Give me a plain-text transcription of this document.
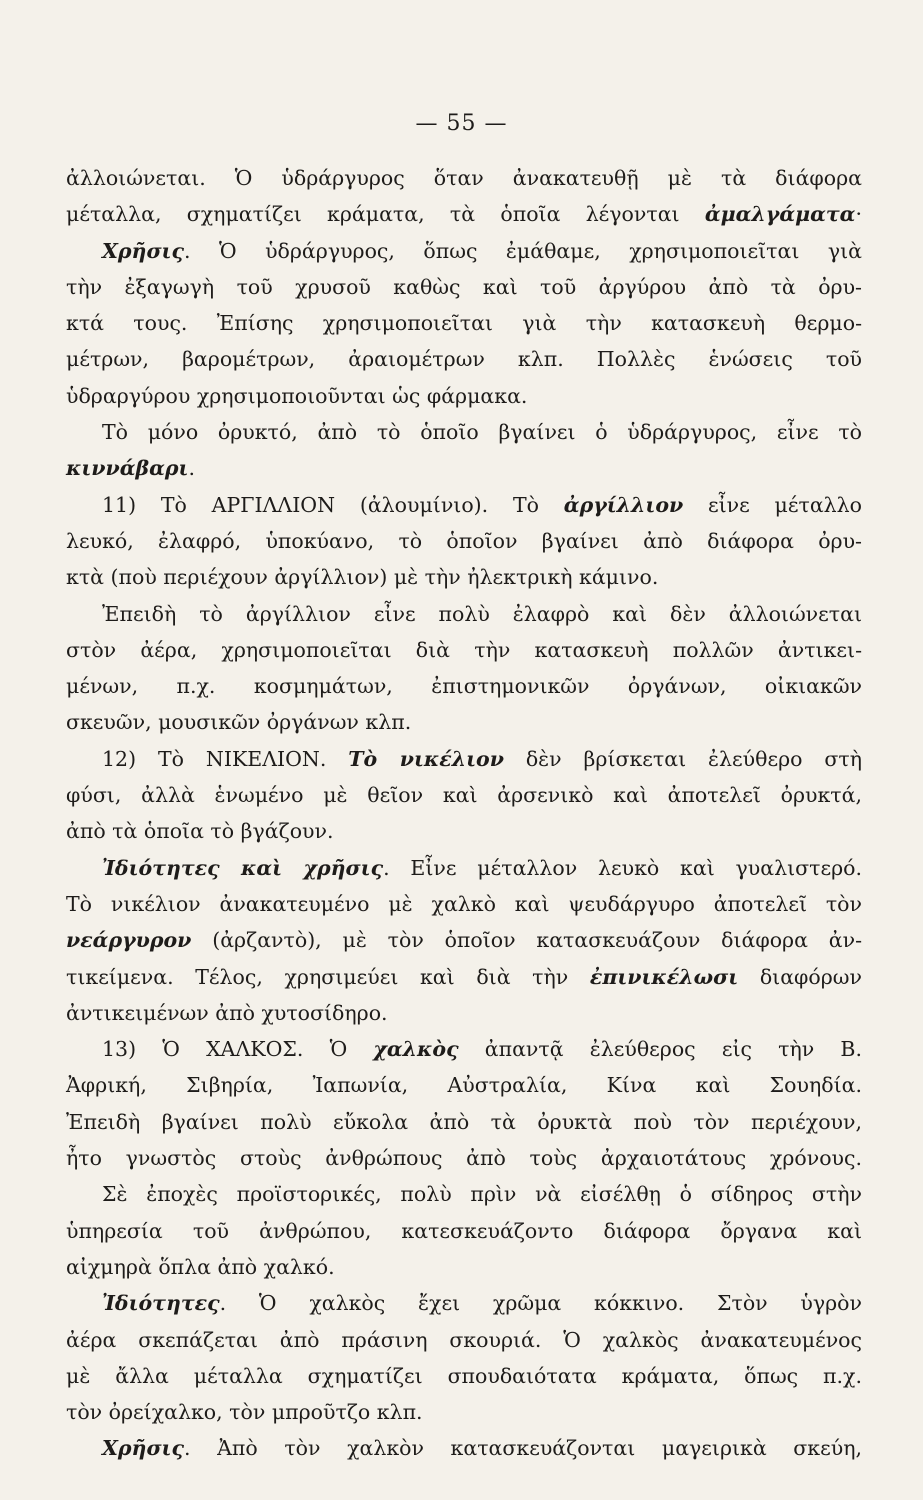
— 55 —
ἀλλοιώνεται. Ὁ ὑδράργυρος ὅταν ἀνακατευθῇ μὲ τὰ διάφορα
μέταλλα, σχηματίζει κράματα, τὰ ὁποῖα λέγονται ἀμαλγάματα·
Χρῆσις. Ὁ ὑδράργυρος, ὅπως ἐμάθαμε, χρησιμοποιεῖται γιὰ
τὴν ἐξαγωγὴ τοῦ χρυσοῦ καθὼς καὶ τοῦ ἀργύρου ἀπὸ τὰ ὀρυ-
κτά τους. Ἐπίσης χρησιμοποιεῖται γιὰ τὴν κατασκευὴ θερμο-
μέτρων, βαρομέτρων, ἀραιομέτρων κλπ. Πολλὲς ἑνώσεις τοῦ
ὑδραργύρου χρησιμοποιοῦνται ὡς φάρμακα.
Τὸ μόνο ὀρυκτό, ἀπὸ τὸ ὁποῖο βγαίνει ὁ ὑδράργυρος, εἶνε τὸ
κιννάβαρι.
11) Τὸ ΑΡΓΙΛΛΙΟΝ (ἀλουμίνιο). Τὸ ἀργίλλιον εἶνε μέταλλο
λευκό, ἐλαφρό, ὑποκύανο, τὸ ὁποῖον βγαίνει ἀπὸ διάφορα ὀρυ-
κτὰ (ποὺ περιέχουν ἀργίλλιον) μὲ τὴν ἠλεκτρικὴ κάμινο.
Ἐπειδὴ τὸ ἀργίλλιον εἶνε πολὺ ἐλαφρὸ καὶ δὲν ἀλλοιώνεται
στὸν ἀέρα, χρησιμοποιεῖται διὰ τὴν κατασκευὴ πολλῶν ἀντικει-
μένων, π.χ. κοσμημάτων, ἐπιστημονικῶν ὀργάνων, οἰκιακῶν
σκευῶν, μουσικῶν ὀργάνων κλπ.
12) Τὸ ΝΙΚΕΛΙΟΝ. Τὸ νικέλιον δὲν βρίσκεται ἐλεύθερο στὴ
φύσι, ἀλλὰ ἑνωμένο μὲ θεῖον καὶ ἀρσενικὸ καὶ ἀποτελεῖ ὀρυκτά,
ἀπὸ τὰ ὁποῖα τὸ βγάζουν.
Ἰδιότητες καὶ χρῆσις. Εἶνε μέταλλον λευκὸ καὶ γυαλιστερό.
Τὸ νικέλιον ἀνακατευμένο μὲ χαλκὸ καὶ ψευδάργυρο ἀποτελεῖ τὸν
νεάργυρον (ἀρζαντὸ), μὲ τὸν ὁποῖον κατασκευάζουν διάφορα ἀν-
τικείμενα. Τέλος, χρησιμεύει καὶ διὰ τὴν ἐπινικέλωσι διαφόρων
ἀντικειμένων ἀπὸ χυτοσίδηρο.
13) Ὁ ΧΑΛΚΟΣ. Ὁ χαλκὸς ἀπαντᾷ ἐλεύθερος εἰς τὴν Β.
Ἀφρική, Σιβηρία, Ἰαπωνία, Αὐστραλία, Κίνα καὶ Σουηδία.
Ἐπειδὴ βγαίνει πολὺ εὔκολα ἀπὸ τὰ ὀρυκτὰ ποὺ τὸν περιέχουν,
ἦτο γνωστὸς στοὺς ἀνθρώπους ἀπὸ τοὺς ἀρχαιοτάτους χρόνους.
Σὲ ἐποχὲς προϊστορικές, πολὺ πρὶν νὰ εἰσέλθῃ ὁ σίδηρος στὴν
ὑπηρεσία τοῦ ἀνθρώπου, κατεσκευάζοντο διάφορα ὄργανα καὶ
αἰχμηρὰ ὅπλα ἀπὸ χαλκό.
Ἰδιότητες. Ὁ χαλκὸς ἔχει χρῶμα κόκκινο. Στὸν ὑγρὸν
ἀέρα σκεπάζεται ἀπὸ πράσινη σκουριά. Ὁ χαλκὸς ἀνακατευμένος
μὲ ἄλλα μέταλλα σχηματίζει σπουδαιότατα κράματα, ὅπως π.χ.
τὸν ὀρείχαλκο, τὸν μπροῦτζο κλπ.
Χρῆσις. Ἀπὸ τὸν χαλκὸν κατασκευάζονται μαγειρικὰ σκεύη,
